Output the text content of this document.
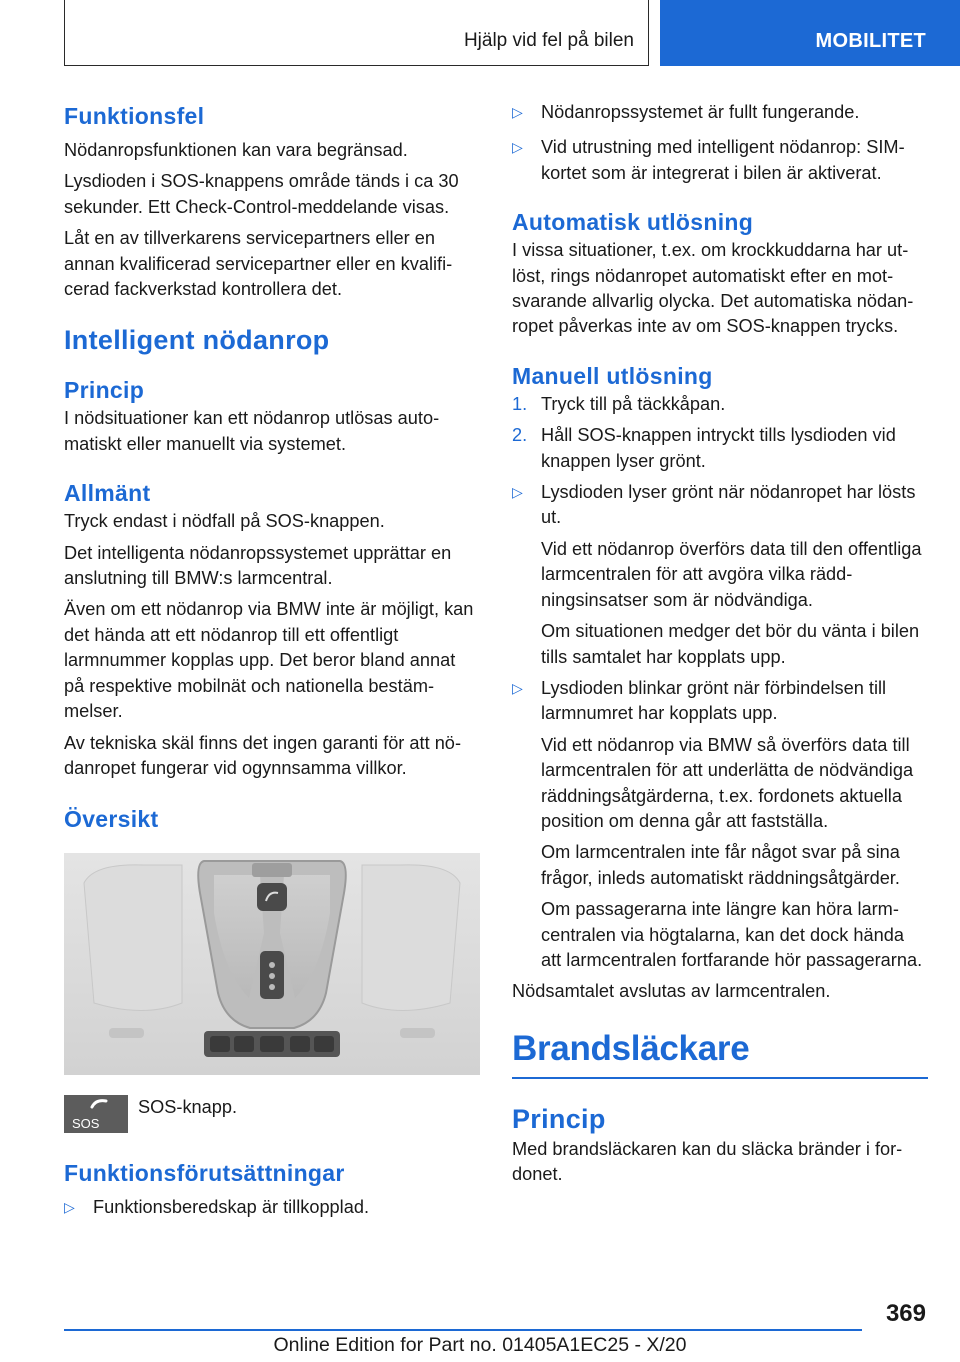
Hjälp vid fel på bilen	MOBILITET
Funktionsfel

Nödanropsfunktionen kan vara begränsad.

Lysdioden i SOS-knappens område tänds i ca 30 sekunder. Ett Check-Control-meddelande visas.

Låt en av tillverkarens servicepartners eller en annan kvalificerad servicepartner eller en kvalificerad fackverkstad kontrollera det.

Intelligent nödanrop
Princip

I nödsituationer kan ett nödanrop utlösas automatiskt eller manuellt via systemet.

Allmänt

Tryck endast i nödfall på SOS-knappen.

Det intelligenta nödanropssystemet upprättar en anslutning till BMW:s larmcentral.

Även om ett nödanrop via BMW inte är möjligt, kan det hända att ett nödanrop till ett offentligt larmnummer kopplas upp. Det beror bland annat på respektive mobilnät och nationella bestämmelser.

Av tekniska skäl finns det ingen garanti för att nödanropet fungerar vid ogynnsamma villkor.

Översikt
SOS
SOS-knapp.
Funktionsförutsättningar
▷ Funktionsberedskap är tillkopplad.
▷ Nödanropssystemet är fullt fungerande.
▷ Vid utrustning med intelligent nödanrop: SIM-kortet som är integrerat i bilen är aktiverat.
Automatisk utlösning

I vissa situationer, t.ex. om krockkuddarna har utlöst, rings nödanropet automatiskt efter en motsvarande allvarlig olycka. Det automatiska nödanropet påverkas inte av om SOS-knappen trycks.

Manuell utlösning
1. Tryck till på täckkåpan.
2. Håll SOS-knappen intryckt tills lysdioden vid knappen lyser grönt.
▷ Lysdioden lyser grönt när nödanropet har lösts ut.
Vid ett nödanrop överförs data till den offentliga larmcentralen för att avgöra vilka räddningsinsatser som är nödvändiga.
Om situationen medger det bör du vänta i bilen tills samtalet har kopplats upp.
▷ Lysdioden blinkar grönt när förbindelsen till larmnumret har kopplats upp.
Vid ett nödanrop via BMW så överförs data till larmcentralen för att underlätta de nödvändiga räddningsåtgärderna, t.ex. fordonets aktuella position om denna går att fastställa.
Om larmcentralen inte får något svar på sina frågor, inleds automatiskt räddningsåtgärder.
Om passagerarna inte längre kan höra larmcentralen via högtalarna, kan det dock hända att larmcentralen fortfarande hör passagerarna.

Nödsamtalet avslutas av larmcentralen.

Brandsläckare
Princip

Med brandsläckaren kan du släcka bränder i fordonet.

369
Online Edition for Part no. 01405A1EC25 - X/20
